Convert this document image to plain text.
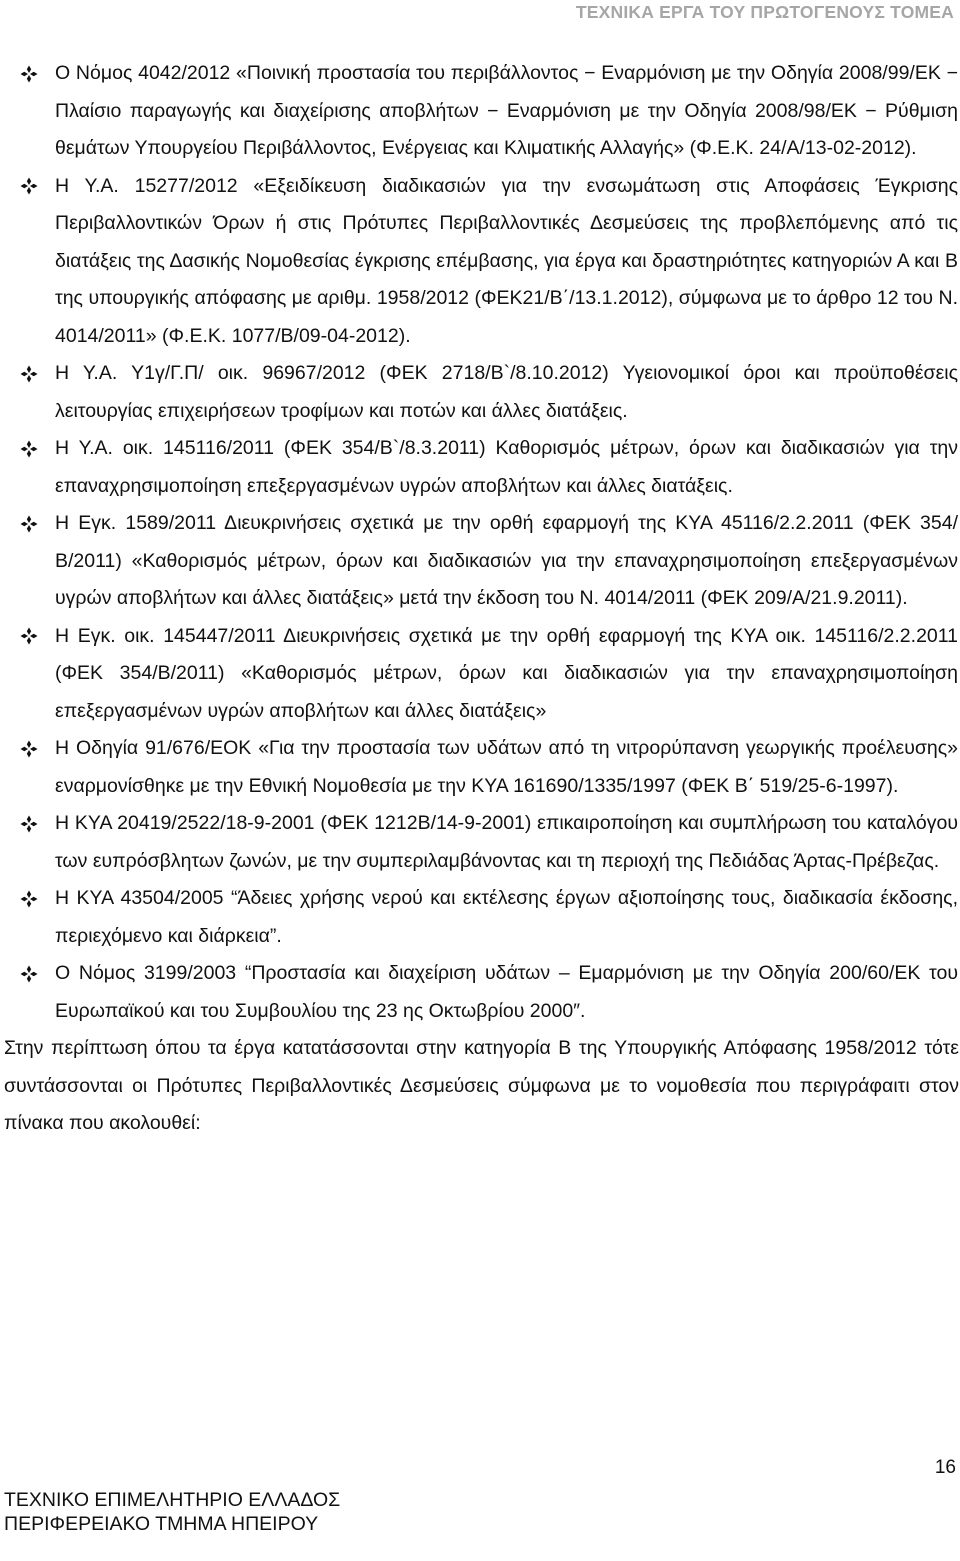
ΤΕΧΝΙΚΑ ΕΡΓΑ ΤΟΥ ΠΡΩΤΟΓΕΝΟΥΣ ΤΟΜΕΑ
Ο Νόμος 4042/2012 «Ποινική προστασία του περιβάλλοντος − Εναρμόνιση με την Οδηγία 2008/99/ΕΚ − Πλαίσιο παραγωγής και διαχείρισης αποβλήτων − Εναρμόνιση με την Οδηγία 2008/98/ΕΚ − Ρύθμιση θεμάτων Υπουργείου Περιβάλλοντος, Ενέργειας και Κλιματικής Αλλαγής» (Φ.Ε.Κ. 24/Α/13-02-2012).
Η Υ.Α. 15277/2012 «Εξειδίκευση διαδικασιών για την ενσωμάτωση στις Αποφάσεις Έγκρισης Περιβαλλοντικών Όρων ή στις Πρότυπες Περιβαλλοντικές Δεσμεύσεις της προβλεπόμενης από τις διατάξεις της Δασικής Νομοθεσίας έγκρισης επέμβασης, για έργα και δραστηριότητες κατηγοριών Α και Β της υπουργικής απόφασης με αριθμ. 1958/2012 (ΦΕΚ21/Β΄/13.1.2012), σύμφωνα με το άρθρο 12 του Ν. 4014/2011» (Φ.Ε.Κ. 1077/Β/09-04-2012).
Η Υ.Α. Υ1γ/Γ.Π/ οικ. 96967/2012 (ΦΕΚ 2718/Β`/8.10.2012) Υγειονομικοί όροι και προϋποθέσεις λειτουργίας επιχειρήσεων τροφίμων και ποτών και άλλες διατάξεις.
Η Υ.Α. οικ. 145116/2011 (ΦΕΚ 354/Β`/8.3.2011) Καθορισμός μέτρων, όρων και διαδικασιών για την επαναχρησιμοποίηση επεξεργασμένων υγρών αποβλήτων και άλλες διατάξεις.
Η Εγκ. 1589/2011 Διευκρινήσεις σχετικά με την ορθή εφαρμογή της ΚΥΑ 45116/2.2.2011 (ΦΕΚ 354/Β/2011) «Καθορισμός μέτρων, όρων και διαδικασιών για την επαναχρησιμοποίηση επεξεργασμένων υγρών αποβλήτων και άλλες διατάξεις» μετά την έκδοση του Ν. 4014/2011 (ΦΕΚ 209/Α/21.9.2011).
Η Εγκ. οικ. 145447/2011 Διευκρινήσεις σχετικά με την ορθή εφαρμογή της ΚΥΑ οικ. 145116/2.2.2011 (ΦΕΚ 354/Β/2011) «Καθορισμός μέτρων, όρων και διαδικασιών για την επαναχρησιμοποίηση επεξεργασμένων υγρών αποβλήτων και άλλες διατάξεις»
Η Οδηγία 91/676/ΕΟΚ «Για την προστασία των υδάτων από τη νιτρορύπανση γεωργικής προέλευσης» εναρμονίσθηκε με την Εθνική Νομοθεσία με την ΚΥΑ 161690/1335/1997 (ΦΕΚ Β΄ 519/25-6-1997).
Η ΚΥΑ 20419/2522/18-9-2001 (ΦΕΚ 1212Β/14-9-2001) επικαιροποίηση και συμπλήρωση του καταλόγου των ευπρόσβλητων ζωνών, με την συμπεριλαμβάνοντας και τη περιοχή της Πεδιάδας Άρτας-Πρέβεζας.
Η ΚΥΑ 43504/2005 “Άδειες χρήσης νερού και εκτέλεσης έργων αξιοποίησης τους, διαδικασία έκδοσης, περιεχόμενο και διάρκεια”.
Ο Νόμος 3199/2003 “Προστασία και διαχείριση υδάτων – Εμαρμόνιση με την Οδηγία 200/60/ΕΚ του Ευρωπαϊκού και του Συμβουλίου της 23 ης Οκτωβρίου 2000″.
Στην περίπτωση όπου τα έργα κατατάσσονται στην κατηγορία Β της Υπουργικής Απόφασης 1958/2012 τότε συντάσσονται οι Πρότυπες Περιβαλλοντικές Δεσμεύσεις σύμφωνα με το νομοθεσία που περιγράφαιτι στον πίνακα που ακολουθεί:
16
ΤΕΧΝΙΚΟ ΕΠΙΜΕΛΗΤΗΡΙΟ ΕΛΛΑΔΟΣ
ΠΕΡΙΦΕΡΕΙΑΚΟ ΤΜΗΜΑ ΗΠΕΙΡΟΥ
